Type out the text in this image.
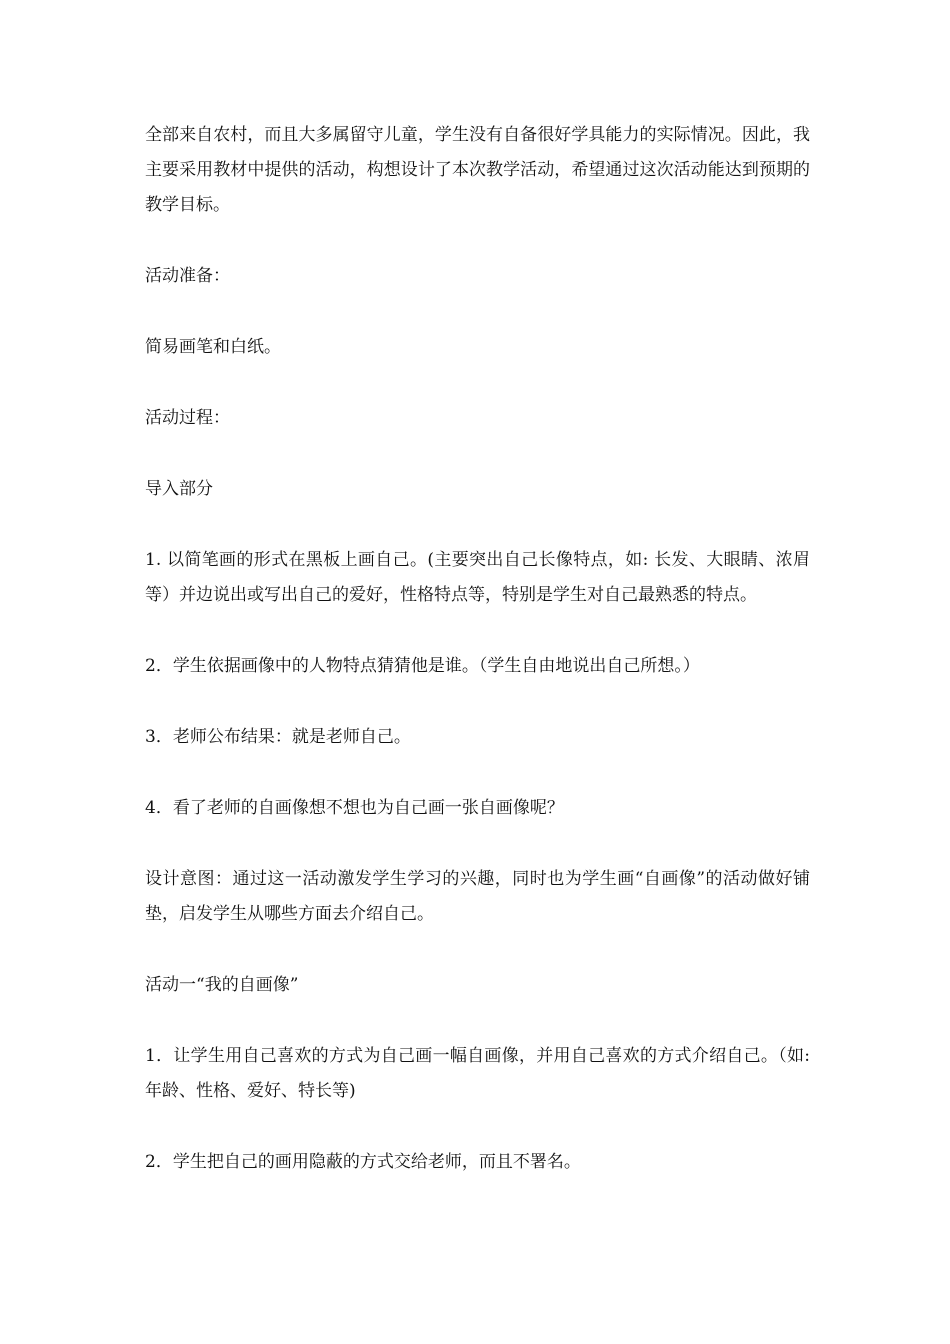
全部来自农村，而且大多属留守儿童，学生没有自备很好学具能力的实际情况。因此，我主要采用教材中提供的活动，构想设计了本次教学活动，希望通过这次活动能达到预期的教学目标。

活动准备：

简易画笔和白纸。

活动过程：

导入部分

1. 以简笔画的形式在黑板上画自己。(主要突出自己长像特点，如: 长发、大眼睛、浓眉等）并边说出或写出自己的爱好，性格特点等，特别是学生对自己最熟悉的特点。

2．学生依据画像中的人物特点猜猜他是谁。（学生自由地说出自己所想。）

3．老师公布结果：就是老师自己。

4．看了老师的自画像想不想也为自己画一张自画像呢？

设计意图：通过这一活动激发学生学习的兴趣，同时也为学生画“自画像”的活动做好铺垫，启发学生从哪些方面去介绍自己。

活动一“我的自画像”

1．让学生用自己喜欢的方式为自己画一幅自画像，并用自己喜欢的方式介绍自己。（如:年龄、性格、爱好、特长等)

2．学生把自己的画用隐蔽的方式交给老师，而且不署名。
